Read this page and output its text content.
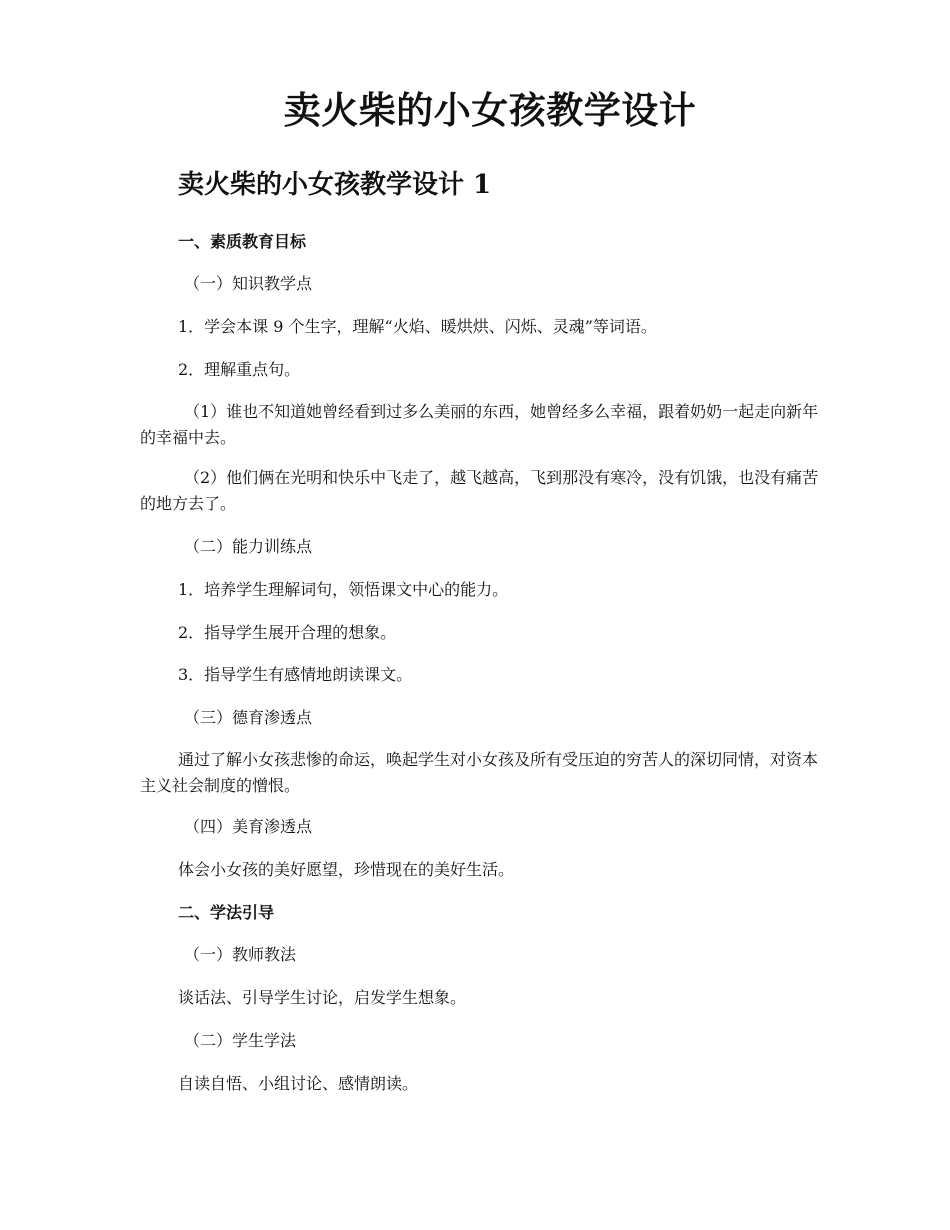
卖火柴的小女孩教学设计
卖火柴的小女孩教学设计 1

一、素质教育目标

（一）知识教学点

1．学会本课 9 个生字，理解“火焰、暖烘烘、闪烁、灵魂”等词语。

2．理解重点句。

（1）谁也不知道她曾经看到过多么美丽的东西，她曾经多么幸福，跟着奶奶一起走向新年的幸福中去。

（2）他们俩在光明和快乐中飞走了，越飞越高，飞到那没有寒冷，没有饥饿，也没有痛苦的地方去了。

（二）能力训练点

1．培养学生理解词句，领悟课文中心的能力。

2．指导学生展开合理的想象。

3．指导学生有感情地朗读课文。

（三）德育渗透点

通过了解小女孩悲惨的命运，唤起学生对小女孩及所有受压迫的穷苦人的深切同情，对资本主义社会制度的憎恨。

（四）美育渗透点

体会小女孩的美好愿望，珍惜现在的美好生活。

二、学法引导

（一）教师教法

谈话法、引导学生讨论，启发学生想象。

（二）学生学法

自读自悟、小组讨论、感情朗读。
